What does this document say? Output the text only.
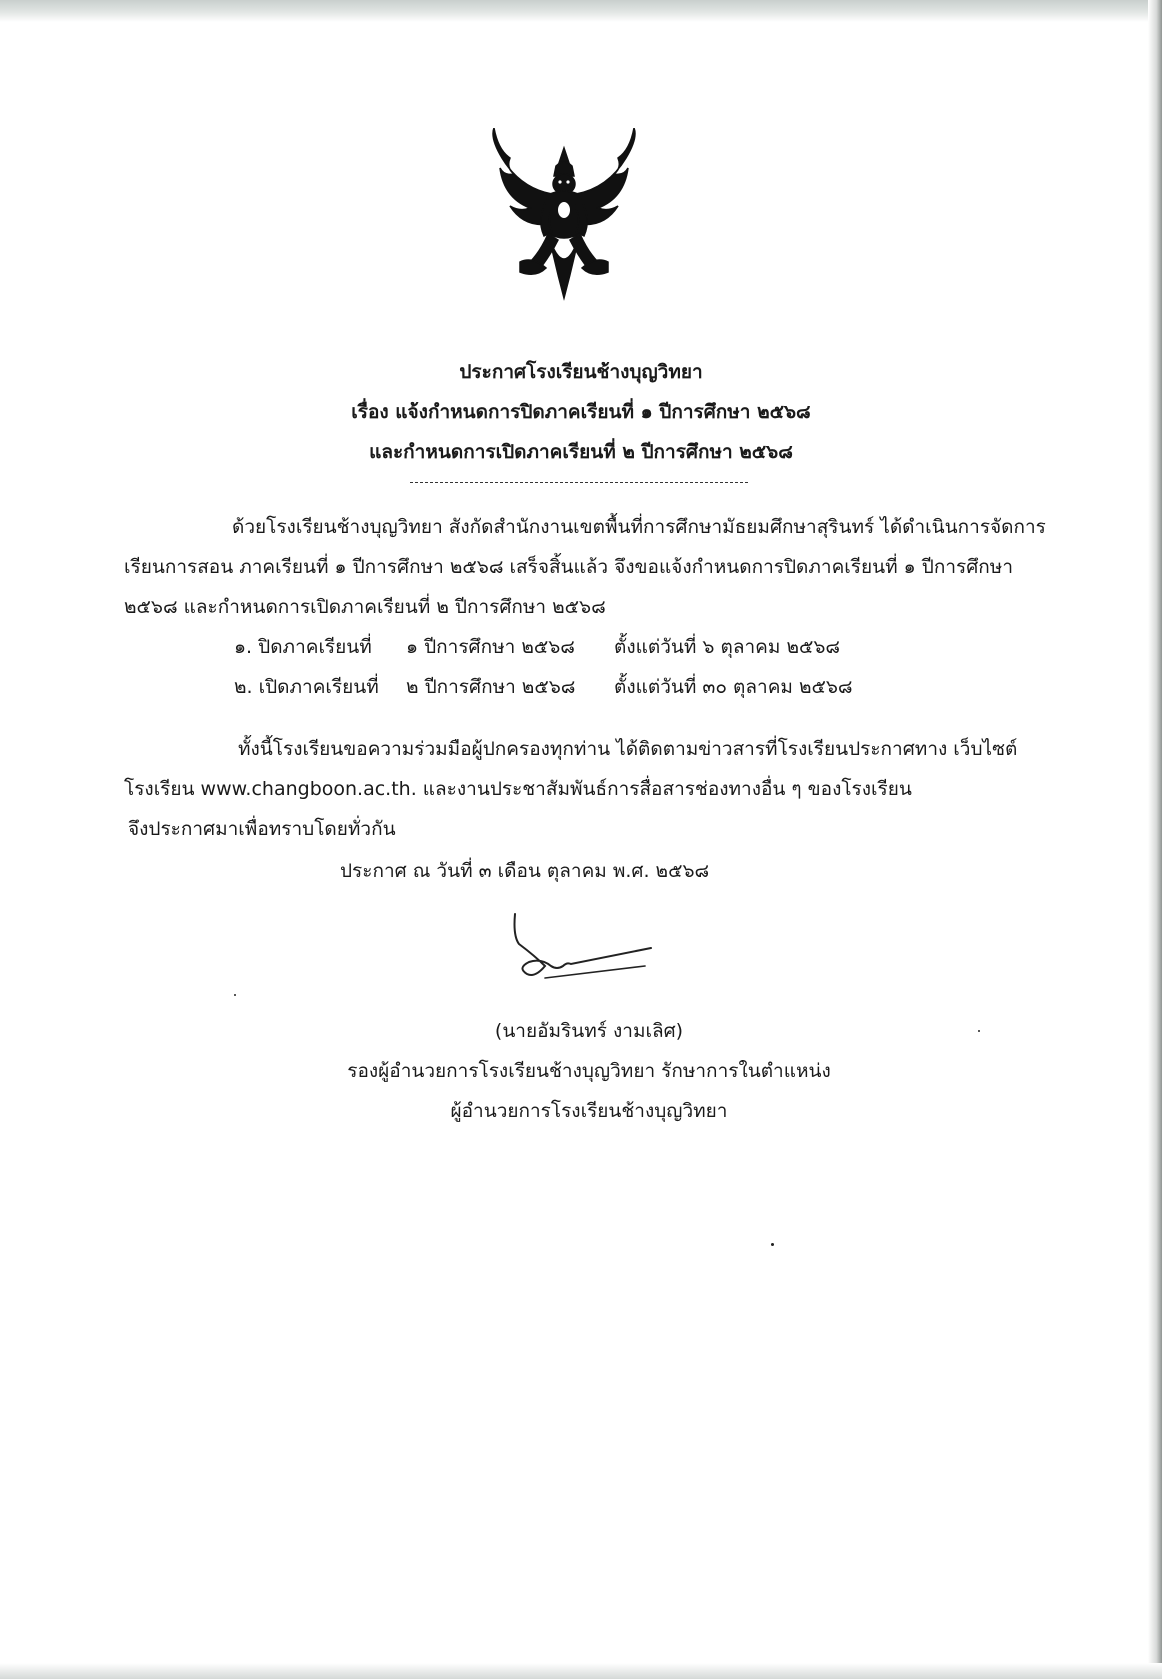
ประกาศโรงเรียนช้างบุญวิทยา
เรื่อง แจ้งกำหนดการปิดภาคเรียนที่ ๑ ปีการศึกษา ๒๕๖๘
และกำหนดการเปิดภาคเรียนที่ ๒ ปีการศึกษา ๒๕๖๘
ด้วยโรงเรียนช้างบุญวิทยา สังกัดสำนักงานเขตพื้นที่การศึกษามัธยมศึกษาสุรินทร์ ได้ดำเนินการจัดการ
เรียนการสอน ภาคเรียนที่ ๑ ปีการศึกษา ๒๕๖๘ เสร็จสิ้นแล้ว จึงขอแจ้งกำหนดการปิดภาคเรียนที่ ๑ ปีการศึกษา
๒๕๖๘ และกำหนดการเปิดภาคเรียนที่ ๒ ปีการศึกษา ๒๕๖๘
๑. ปิดภาคเรียนที่ ๑ ปีการศึกษา ๒๕๖๘ ตั้งแต่วันที่ ๖ ตุลาคม ๒๕๖๘
๒. เปิดภาคเรียนที่ ๒ ปีการศึกษา ๒๕๖๘ ตั้งแต่วันที่ ๓๐ ตุลาคม ๒๕๖๘
ทั้งนี้โรงเรียนขอความร่วมมือผู้ปกครองทุกท่าน ได้ติดตามข่าวสารที่โรงเรียนประกาศทาง เว็บไซต์
โรงเรียน www.changboon.ac.th. และงานประชาสัมพันธ์การสื่อสารช่องทางอื่น ๆ ของโรงเรียน
จึงประกาศมาเพื่อทราบโดยทั่วกัน
ประกาศ ณ วันที่ ๓ เดือน ตุลาคม พ.ศ. ๒๕๖๘
(นายอัมรินทร์ งามเลิศ)
รองผู้อำนวยการโรงเรียนช้างบุญวิทยา รักษาการในตำแหน่ง
ผู้อำนวยการโรงเรียนช้างบุญวิทยา
